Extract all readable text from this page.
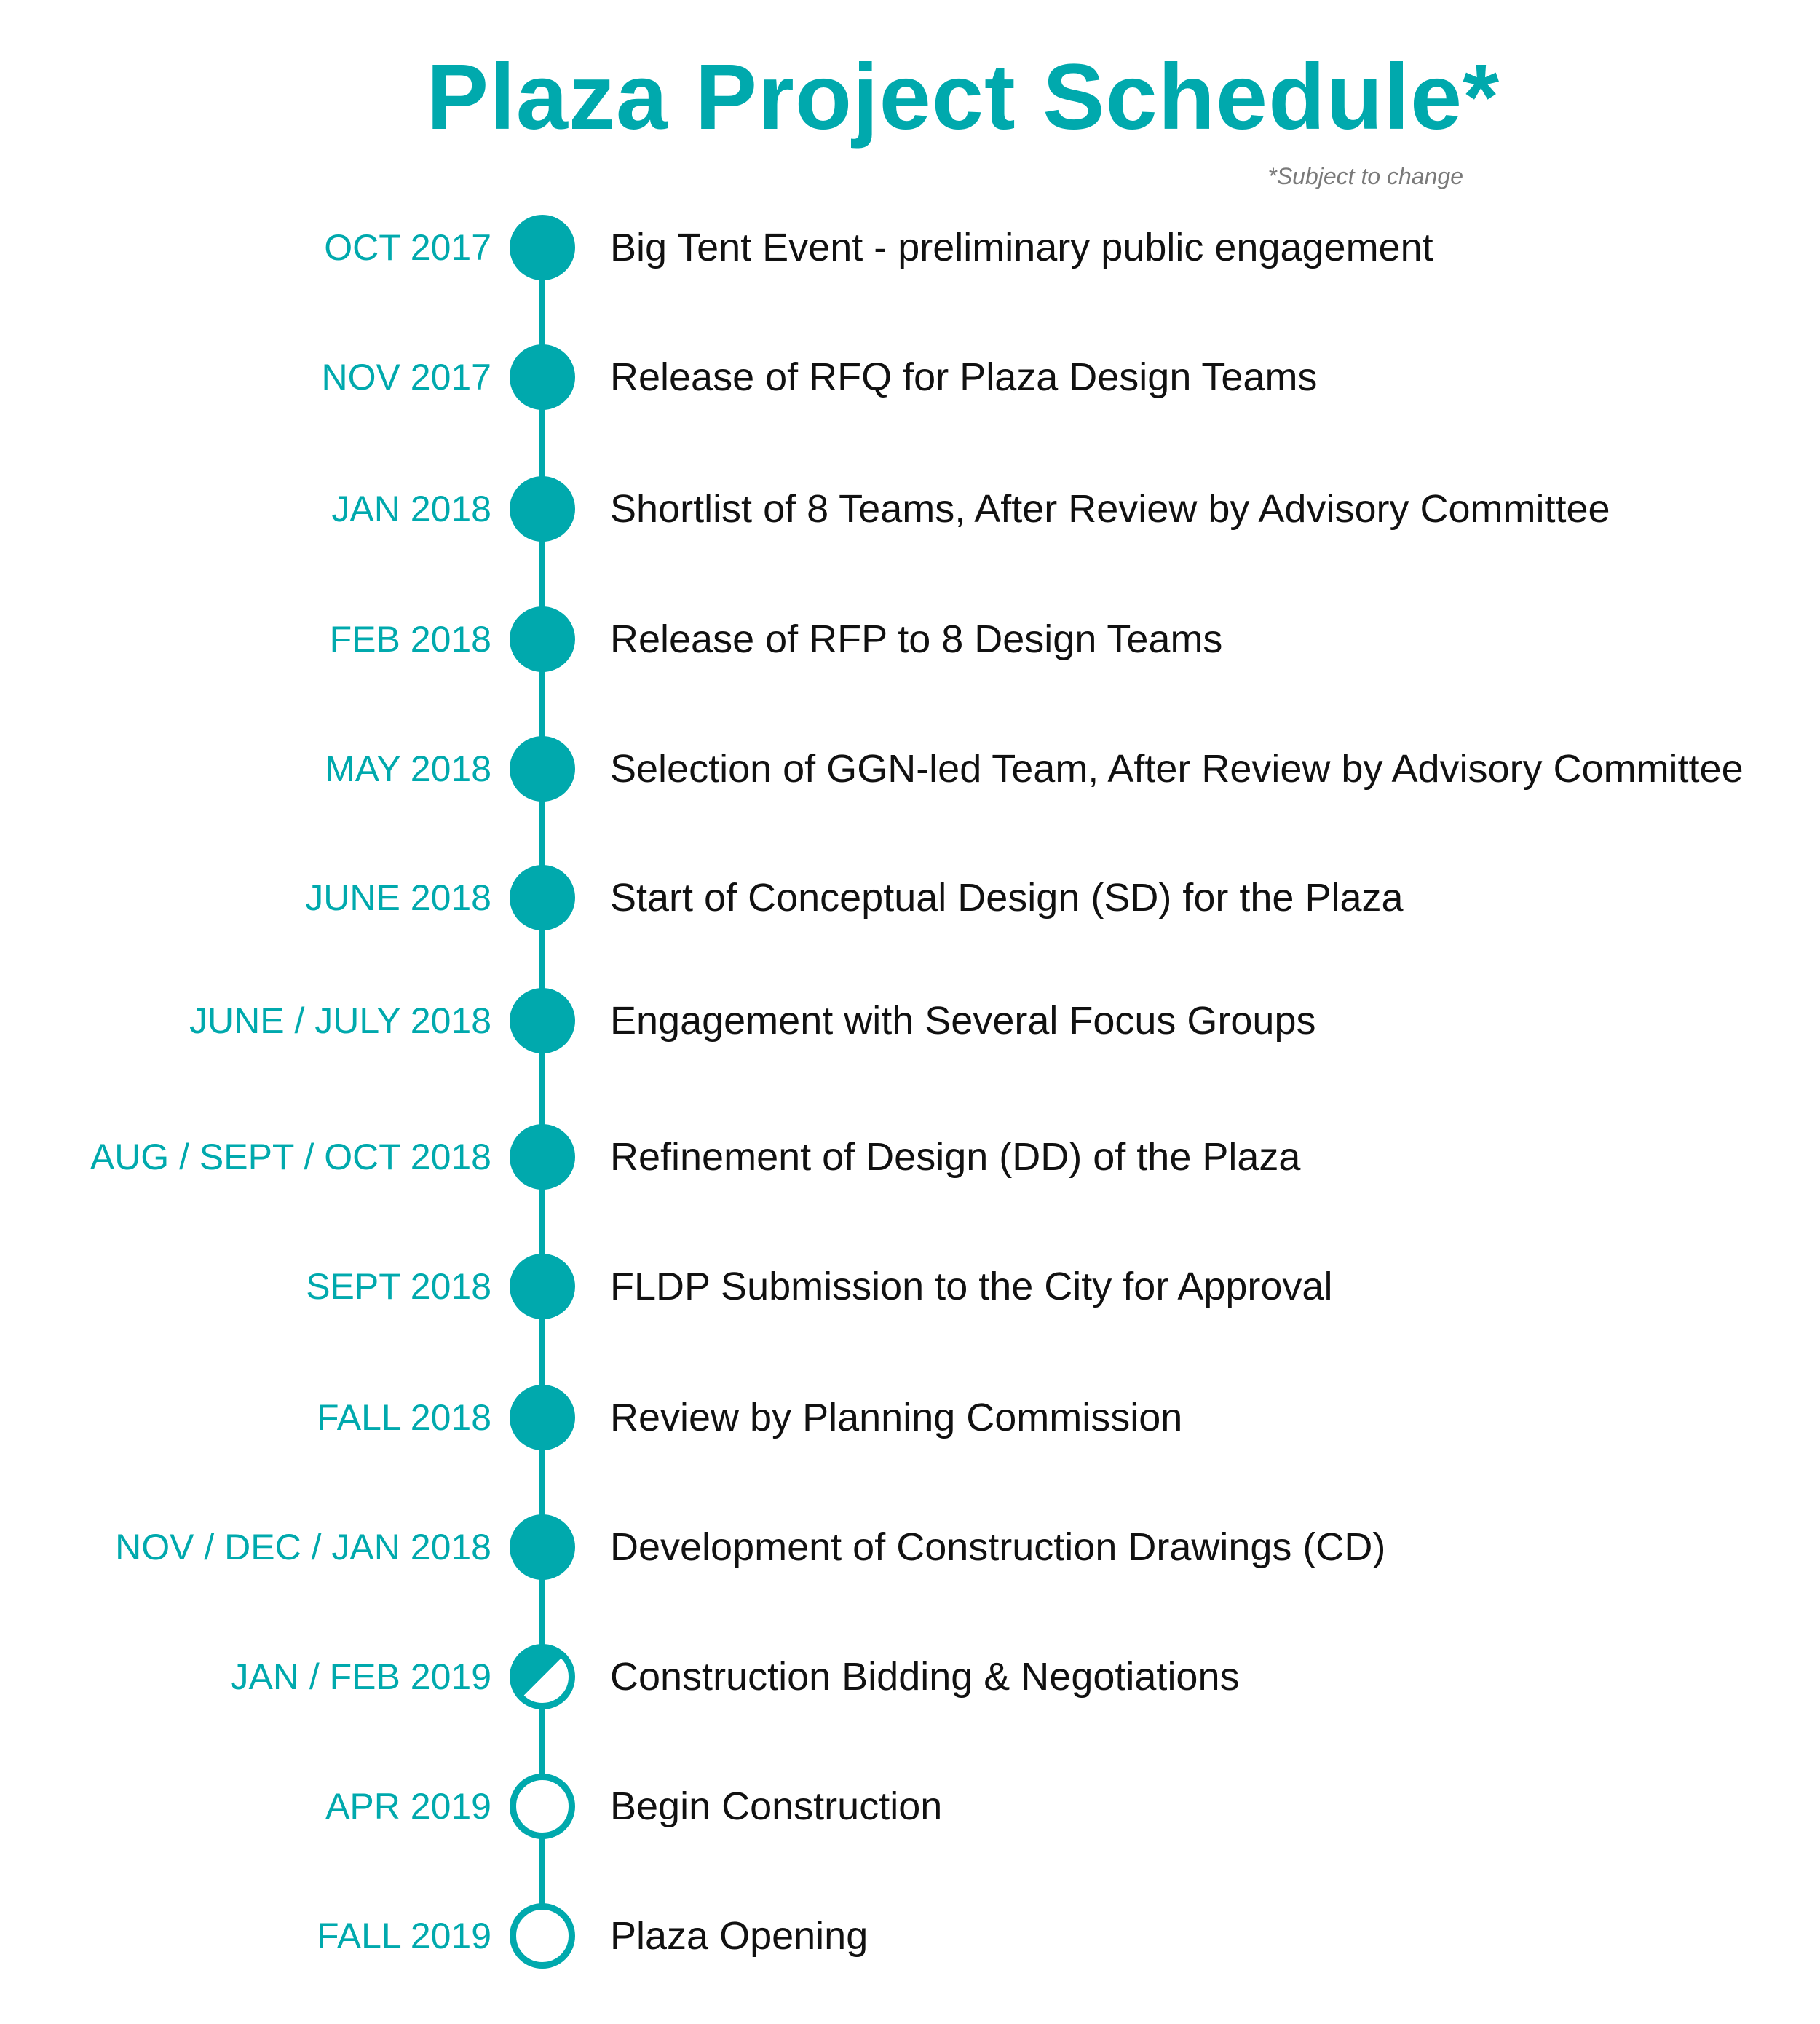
Plaza Project Schedule*
*Subject to change
OCT 2017	Big Tent Event - preliminary public engagement
NOV 2017	Release of RFQ for Plaza Design Teams
JAN 2018	Shortlist of 8 Teams, After Review by Advisory Committee
FEB 2018	Release of RFP to 8 Design Teams
MAY 2018	Selection of GGN-led Team, After Review by Advisory Committee
JUNE 2018	Start of Conceptual Design (SD) for the Plaza
JUNE / JULY 2018	Engagement with Several Focus Groups
AUG / SEPT / OCT 2018	Refinement of Design (DD) of the Plaza
SEPT 2018	FLDP Submission to the City for Approval
FALL 2018	Review by Planning Commission
NOV / DEC / JAN 2018	Development of Construction Drawings (CD)
JAN / FEB 2019	Construction Bidding & Negotiations
APR 2019	Begin Construction
FALL 2019	Plaza Opening
